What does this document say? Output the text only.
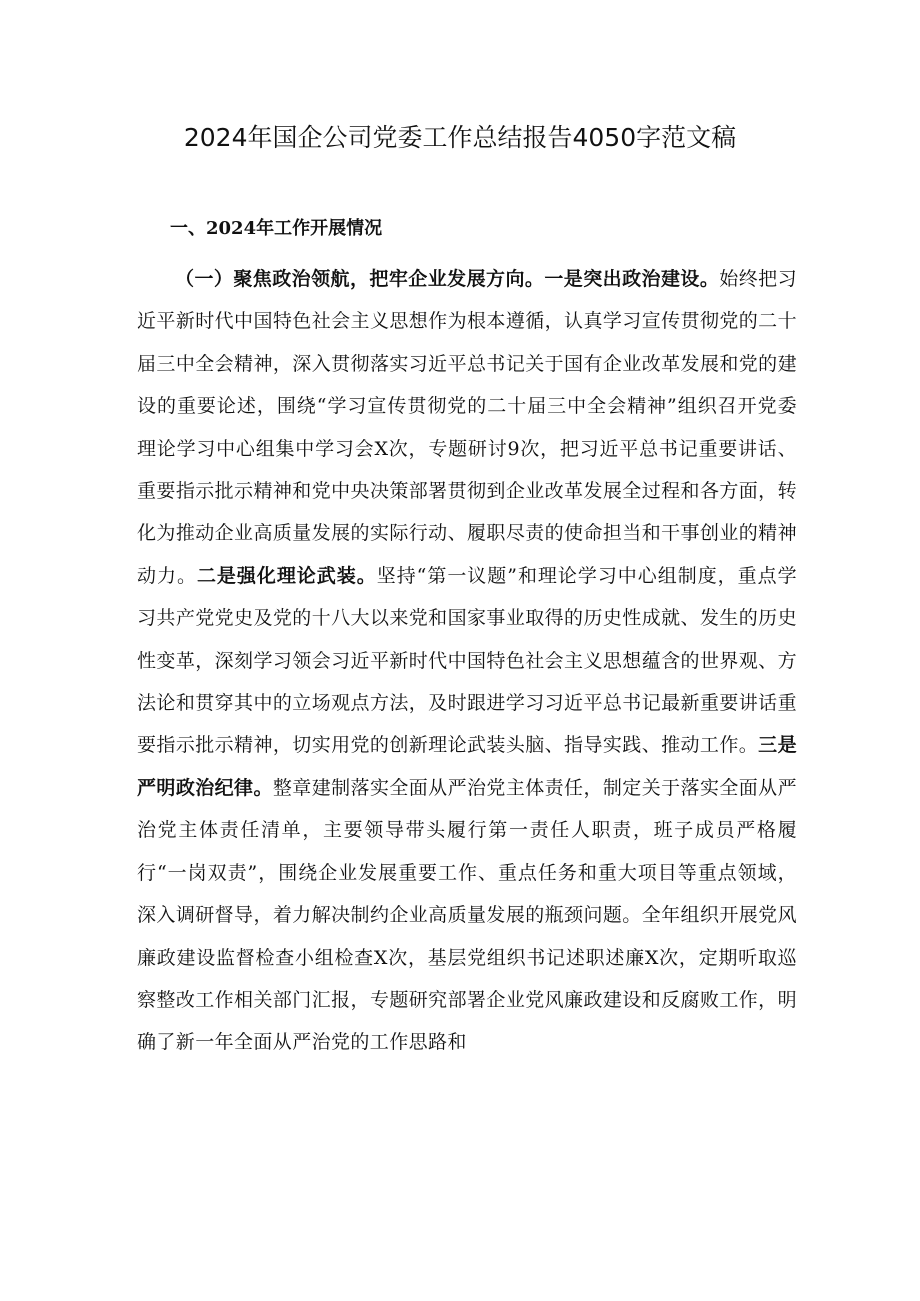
2024年国企公司党委工作总结报告4050字范文稿
一、2024年工作开展情况

（一）聚焦政治领航，把牢企业发展方向。一是突出政治建设。始终把习近平新时代中国特色社会主义思想作为根本遵循，认真学习宣传贯彻党的二十届三中全会精神，深入贯彻落实习近平总书记关于国有企业改革发展和党的建设的重要论述，围绕“学习宣传贯彻党的二十届三中全会精神”组织召开党委理论学习中心组集中学习会X次，专题研讨9次，把习近平总书记重要讲话、重要指示批示精神和党中央决策部署贯彻到企业改革发展全过程和各方面，转化为推动企业高质量发展的实际行动、履职尽责的使命担当和干事创业的精神动力。二是强化理论武装。坚持“第一议题”和理论学习中心组制度，重点学习共产党党史及党的十八大以来党和国家事业取得的历史性成就、发生的历史性变革，深刻学习领会习近平新时代中国特色社会主义思想蕴含的世界观、方法论和贯穿其中的立场观点方法，及时跟进学习习近平总书记最新重要讲话重要指示批示精神，切实用党的创新理论武装头脑、指导实践、推动工作。三是严明政治纪律。整章建制落实全面从严治党主体责任，制定关于落实全面从严治党主体责任清单，主要领导带头履行第一责任人职责，班子成员严格履行“一岗双责”，围绕企业发展重要工作、重点任务和重大项目等重点领域，深入调研督导，着力解决制约企业高质量发展的瓶颈问题。全年组织开展党风廉政建设监督检查小组检查X次，基层党组织书记述职述廉X次，定期听取巡察整改工作相关部门汇报，专题研究部署企业党风廉政建设和反腐败工作，明确了新一年全面从严治党的工作思路和
